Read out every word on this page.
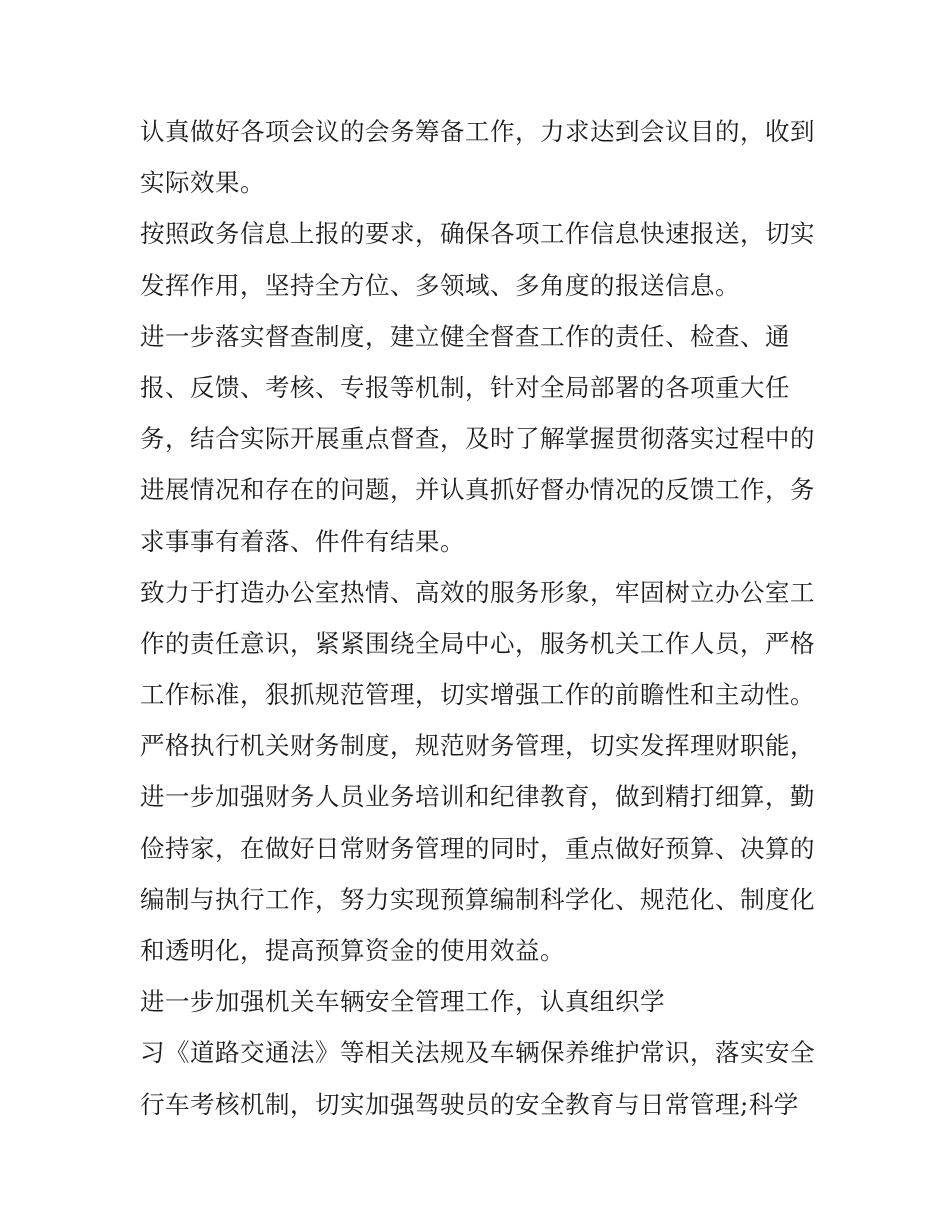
认真做好各项会议的会务筹备工作，力求达到会议目的，收到
实际效果。
按照政务信息上报的要求，确保各项工作信息快速报送，切实
发挥作用，坚持全方位、多领域、多角度的报送信息。
进一步落实督查制度，建立健全督查工作的责任、检查、通
报、反馈、考核、专报等机制，针对全局部署的各项重大任
务，结合实际开展重点督查，及时了解掌握贯彻落实过程中的
进展情况和存在的问题，并认真抓好督办情况的反馈工作，务
求事事有着落、件件有结果。
致力于打造办公室热情、高效的服务形象，牢固树立办公室工
作的责任意识，紧紧围绕全局中心，服务机关工作人员，严格
工作标准，狠抓规范管理，切实增强工作的前瞻性和主动性。
严格执行机关财务制度，规范财务管理，切实发挥理财职能，
进一步加强财务人员业务培训和纪律教育，做到精打细算，勤
俭持家，在做好日常财务管理的同时，重点做好预算、决算的
编制与执行工作，努力实现预算编制科学化、规范化、制度化
和透明化，提高预算资金的使用效益。
进一步加强机关车辆安全管理工作，认真组织学
习《道路交通法》等相关法规及车辆保养维护常识，落实安全
行车考核机制，切实加强驾驶员的安全教育与日常管理;科学
